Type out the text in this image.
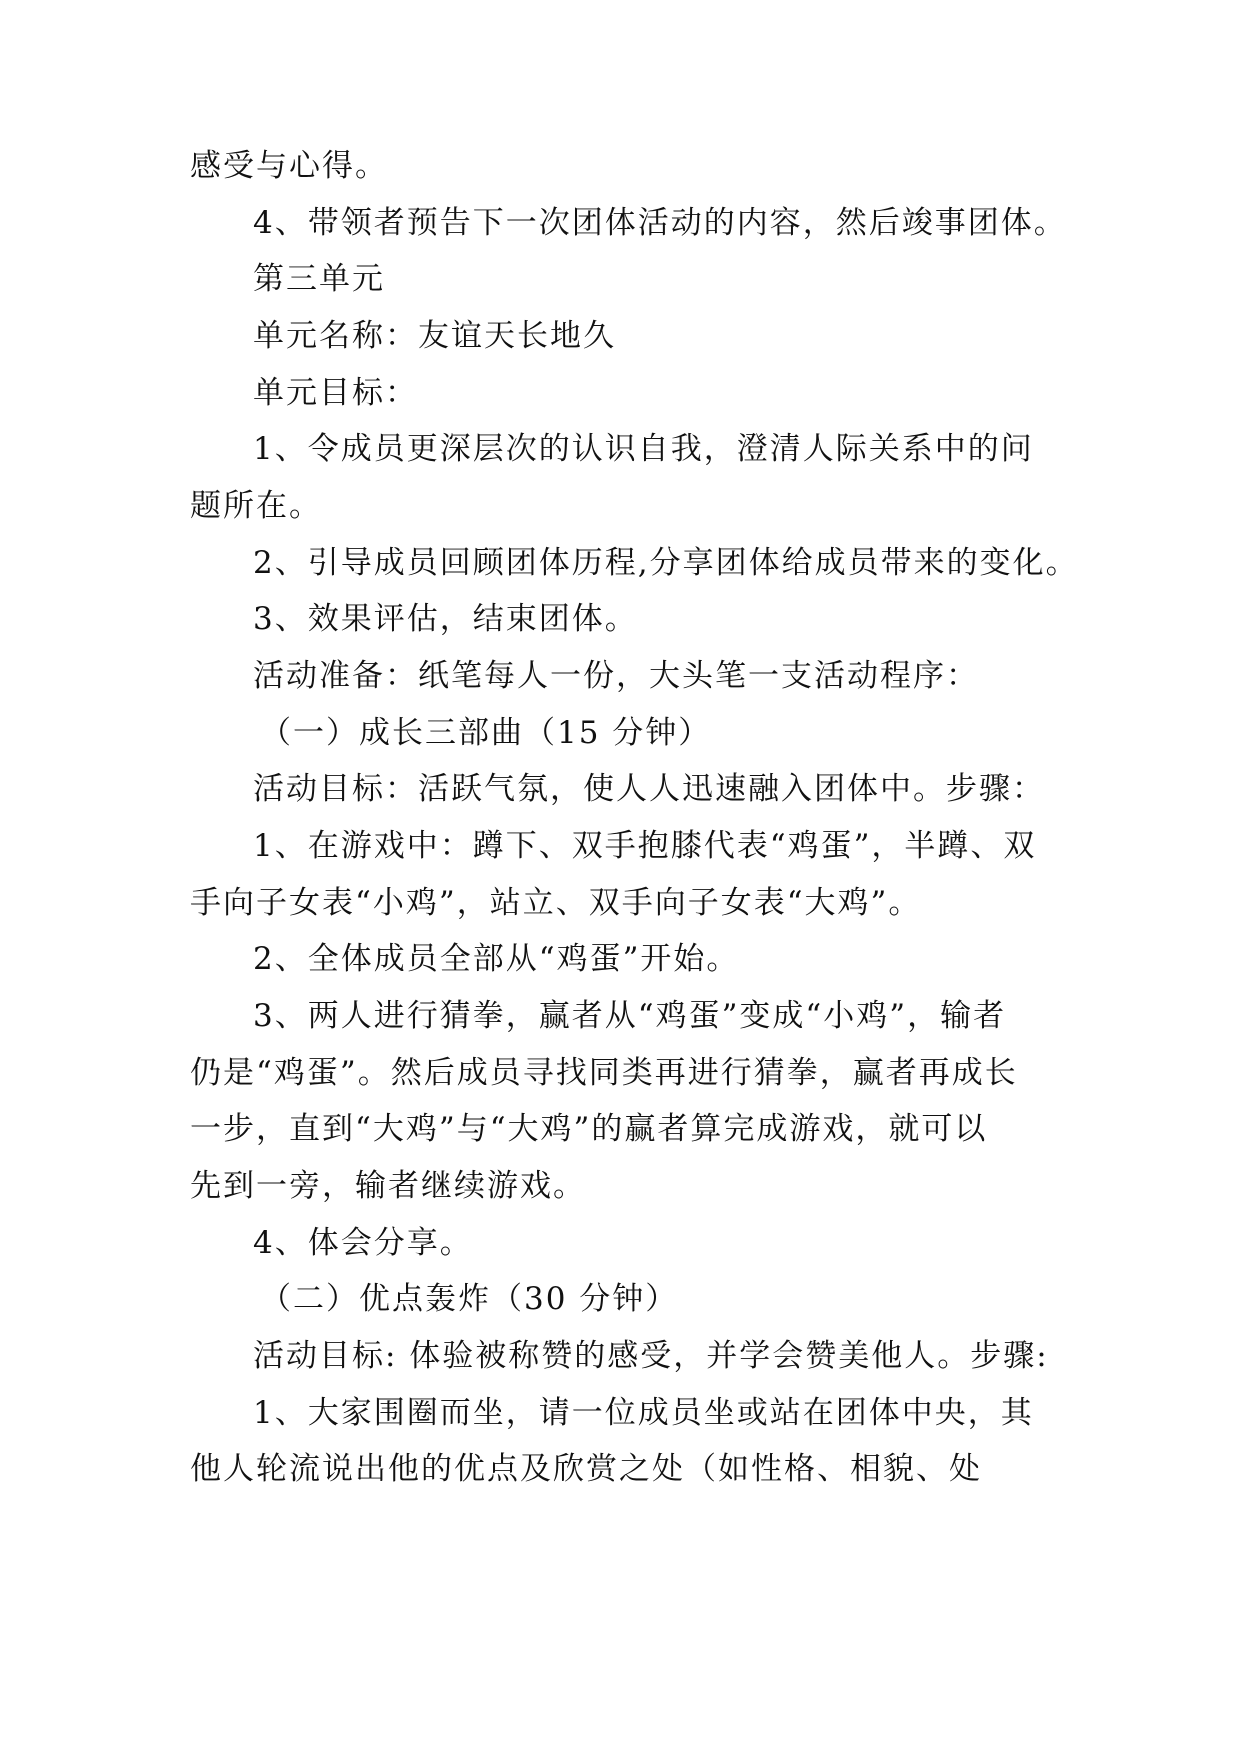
感受与心得。
4、带领者预告下一次团体活动的内容，然后竣事团体。
第三单元
单元名称：友谊天长地久
单元目标：
1、令成员更深层次的认识自我，澄清人际关系中的问
题所在。
2、引导成员回顾团体历程,分享团体给成员带来的变化。
3、效果评估，结束团体。
活动准备：纸笔每人一份，大头笔一支活动程序：
（一）成长三部曲（15 分钟）
活动目标：活跃气氛，使人人迅速融入团体中。步骤：
1、在游戏中：蹲下、双手抱膝代表“鸡蛋”，半蹲、双
手向子女表“小鸡”，站立、双手向子女表“大鸡”。
2、全体成员全部从“鸡蛋”开始。
3、两人进行猜拳，赢者从“鸡蛋”变成“小鸡”，输者
仍是“鸡蛋”。然后成员寻找同类再进行猜拳，赢者再成长
一步，直到“大鸡”与“大鸡”的赢者算完成游戏，就可以
先到一旁，输者继续游戏。
4、体会分享。
（二）优点轰炸（30 分钟）
活动目标: 体验被称赞的感受，并学会赞美他人。步骤:
1、大家围圈而坐，请一位成员坐或站在团体中央，其
他人轮流说出他的优点及欣赏之处（如性格、相貌、处
